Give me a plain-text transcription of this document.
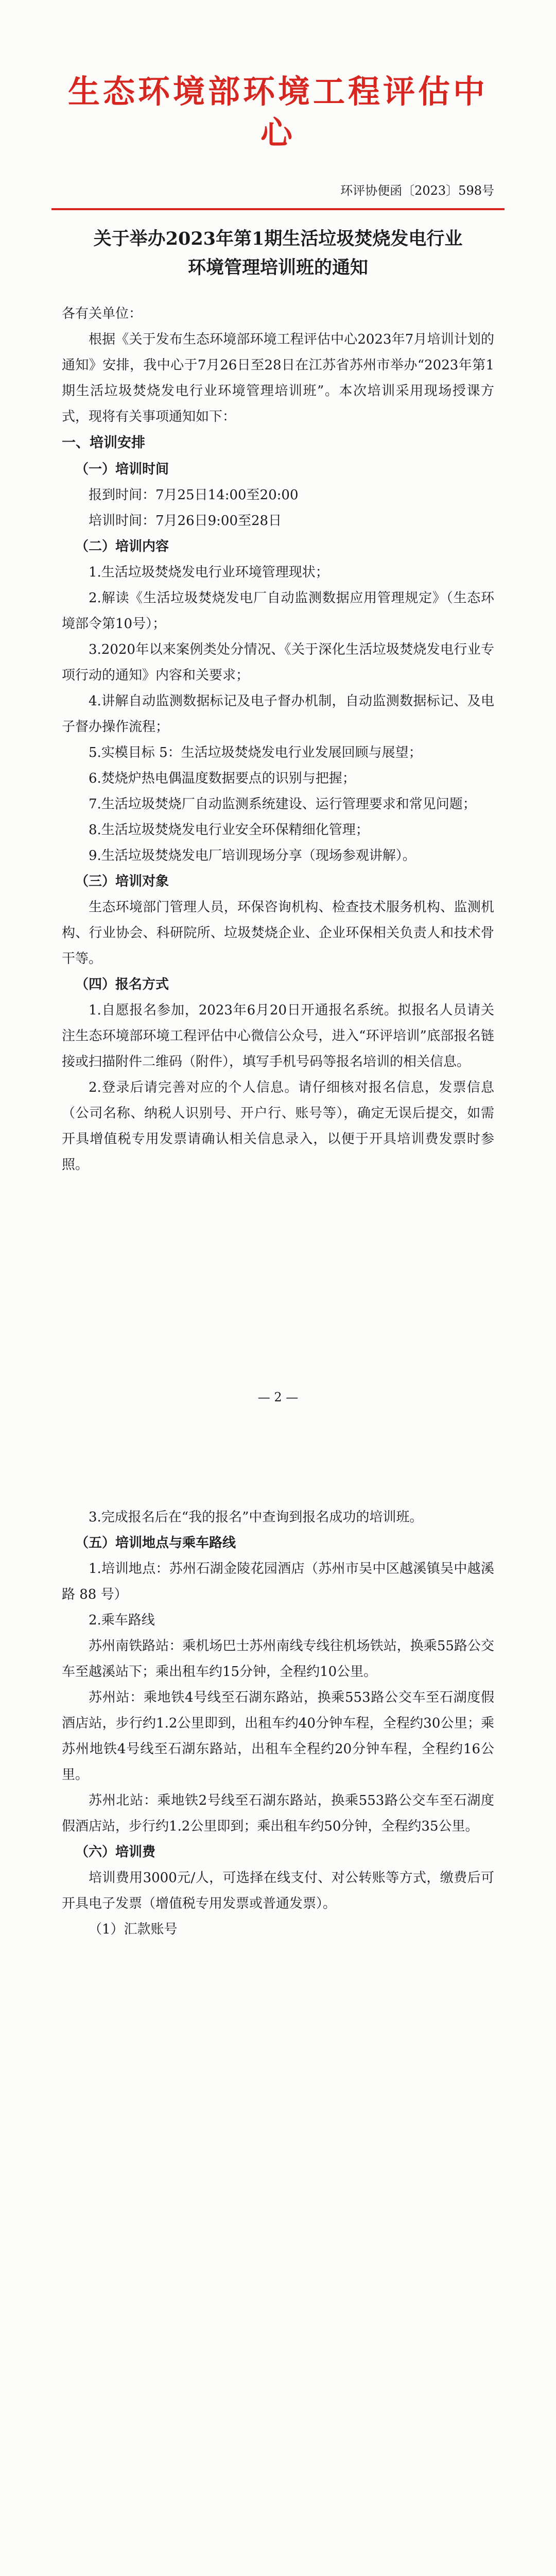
生态环境部环境工程评估中心
环评协便函〔2023〕598号
关于举办2023年第1期生活垃圾焚烧发电行业
环境管理培训班的通知

各有关单位：

根据《关于发布生态环境部环境工程评估中心2023年7月培训计划的通知》安排，我中心于7月26日至28日在江苏省苏州市举办“2023年第1期生活垃圾焚烧发电行业环境管理培训班”。本次培训采用现场授课方式，现将有关事项通知如下：

一、培训安排

（一）培训时间

报到时间：7月25日14:00至20:00

培训时间：7月26日9:00至28日

（二）培训内容

1.生活垃圾焚烧发电行业环境管理现状；

2.解读《生活垃圾焚烧发电厂自动监测数据应用管理规定》（生态环境部令第10号）；

3.2020年以来案例类处分情况、《关于深化生活垃圾焚烧发电行业专项行动的通知》内容和关要求；

4.讲解自动监测数据标记及电子督办机制，自动监测数据标记、及电子督办操作流程；

5.实模目标 5：生活垃圾焚烧发电行业发展回顾与展望；

6.焚烧炉热电偶温度数据要点的识别与把握；

7.生活垃圾焚烧厂自动监测系统建设、运行管理要求和常见问题；

8.生活垃圾焚烧发电行业安全环保精细化管理；

9.生活垃圾焚烧发电厂培训现场分享（现场参观讲解）。

（三）培训对象

生态环境部门管理人员，环保咨询机构、检查技术服务机构、监测机构、行业协会、科研院所、垃圾焚烧企业、企业环保相关负责人和技术骨干等。

（四）报名方式

1.自愿报名参加，2023年6月20日开通报名系统。拟报名人员请关注生态环境部环境工程评估中心微信公众号，进入“环评培训”底部报名链接或扫描附件二维码（附件），填写手机号码等报名培训的相关信息。

2.登录后请完善对应的个人信息。请仔细核对报名信息，发票信息（公司名称、纳税人识别号、开户行、账号等），确定无误后提交，如需开具增值税专用发票请确认相关信息录入，以便于开具培训费发票时参照。

— 2 —

3.完成报名后在“我的报名”中查询到报名成功的培训班。

（五）培训地点与乘车路线

1.培训地点：苏州石湖金陵花园酒店（苏州市吴中区越溪镇吴中越溪路 88 号）

2.乘车路线

苏州南铁路站：乘机场巴士苏州南线专线往机场铁站，换乘55路公交车至越溪站下；乘出租车约15分钟，全程约10公里。

苏州站：乘地铁4号线至石湖东路站，换乘553路公交车至石湖度假酒店站，步行约1.2公里即到，出租车约40分钟车程，全程约30公里；乘苏州地铁4号线至石湖东路站，出租车全程约20分钟车程，全程约16公里。

苏州北站：乘地铁2号线至石湖东路站，换乘553路公交车至石湖度假酒店站，步行约1.2公里即到；乘出租车约50分钟，全程约35公里。

（六）培训费

培训费用3000元/人，可选择在线支付、对公转账等方式，缴费后可开具电子发票（增值税专用发票或普通发票）。

（1）汇款账号
